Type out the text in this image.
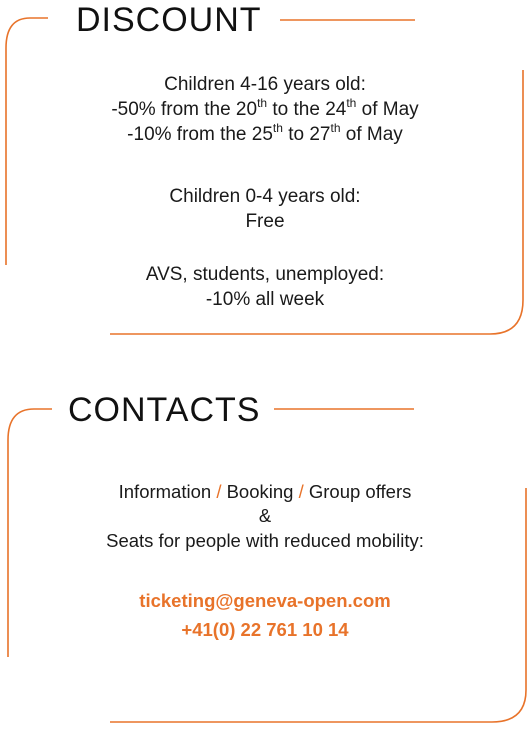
DISCOUNT
Children 4-16 years old:
-50% from the 20th to the 24th of May
-10% from the 25th to 27th of May
Children 0-4 years old:
Free
AVS, students, unemployed:
-10% all week
CONTACTS
Information / Booking / Group offers
&
Seats for people with reduced mobility:
ticketing@geneva-open.com
+41(0) 22 761 10 14
